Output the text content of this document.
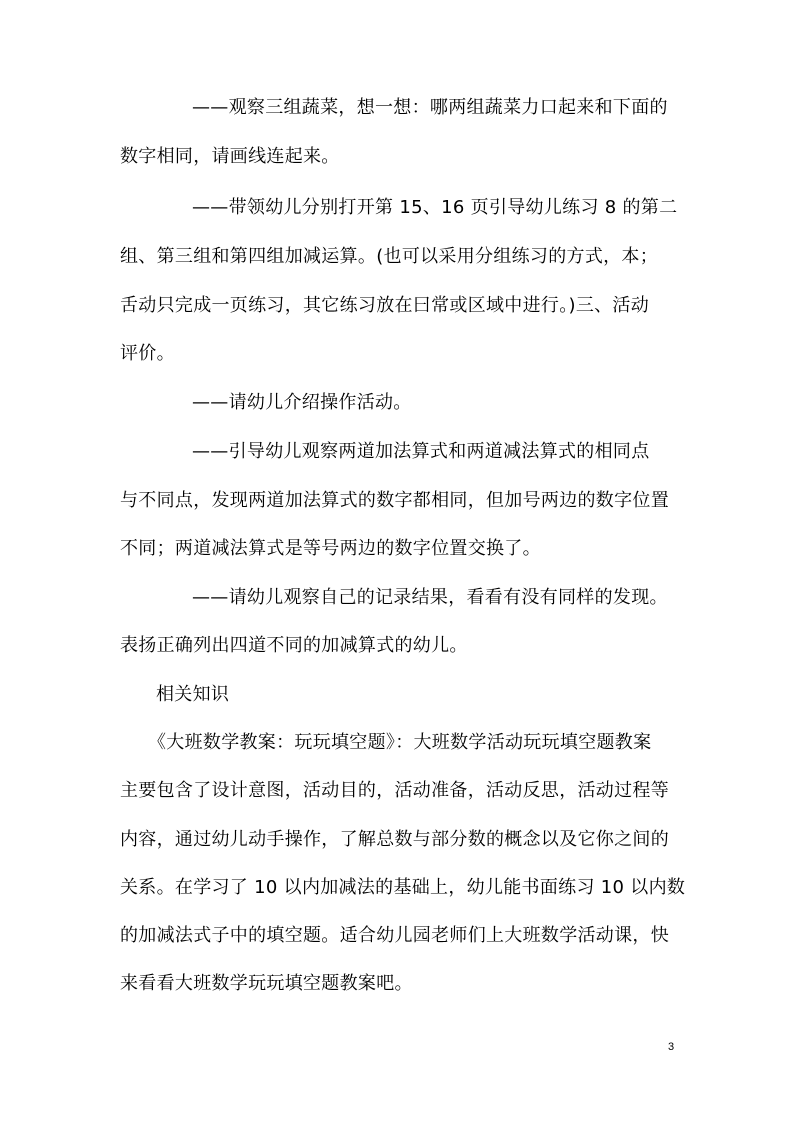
——观察三组蔬菜，想一想：哪两组蔬菜力口起来和下面的
数字相同，请画线连起来。
——带领幼儿分别打开第 15、16 页引导幼儿练习 8 的第二
组、第三组和第四组加减运算。(也可以采用分组练习的方式，本；
舌动只完成一页练习，其它练习放在曰常或区域中进行。)三、活动
评价。
——请幼儿介绍操作活动。
——引导幼儿观察两道加法算式和两道减法算式的相同点
与不同点，发现两道加法算式的数字都相同，但加号两边的数字位置
不同；两道减法算式是等号两边的数字位置交换了。
——请幼儿观察自己的记录结果，看看有没有同样的发现。
表扬正确列出四道不同的加减算式的幼儿。
相关知识
《大班数学教案：玩玩填空题》：大班数学活动玩玩填空题教案
主要包含了设计意图，活动目的，活动准备，活动反思，活动过程等
内容，通过幼儿动手操作，了解总数与部分数的概念以及它你之间的
关系。在学习了 10 以内加减法的基础上，幼儿能书面练习 10 以内数
的加减法式子中的填空题。适合幼儿园老师们上大班数学活动课，快
来看看大班数学玩玩填空题教案吧。
3
